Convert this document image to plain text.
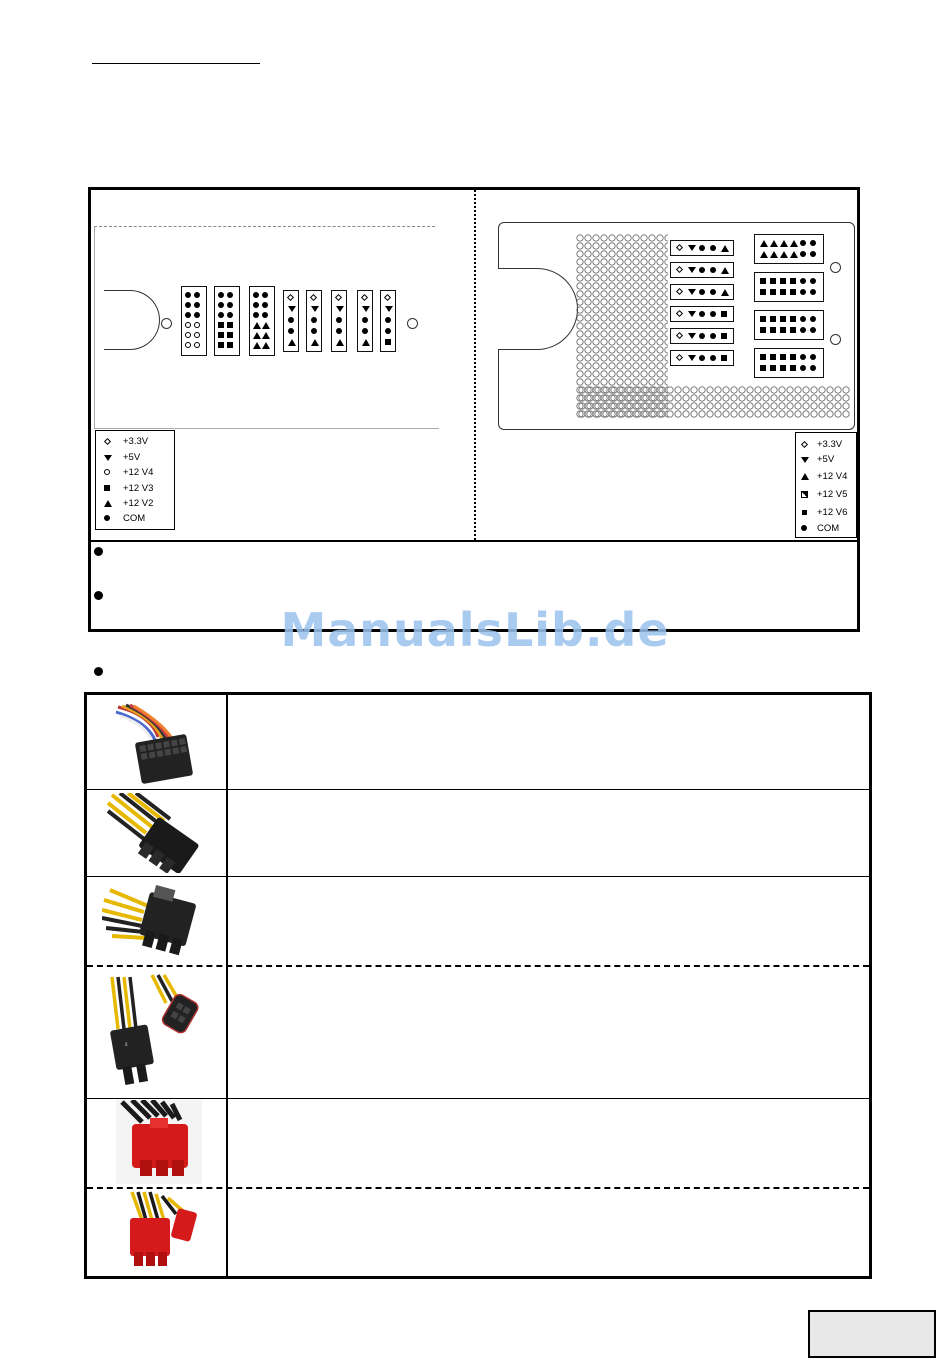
+3.3V
+5V
+12 V4
+12 V3
+12 V2
COM
+3.3V
+5V
+12 V4
+12 V5
+12 V6
COM
ManualsLib.de
4
